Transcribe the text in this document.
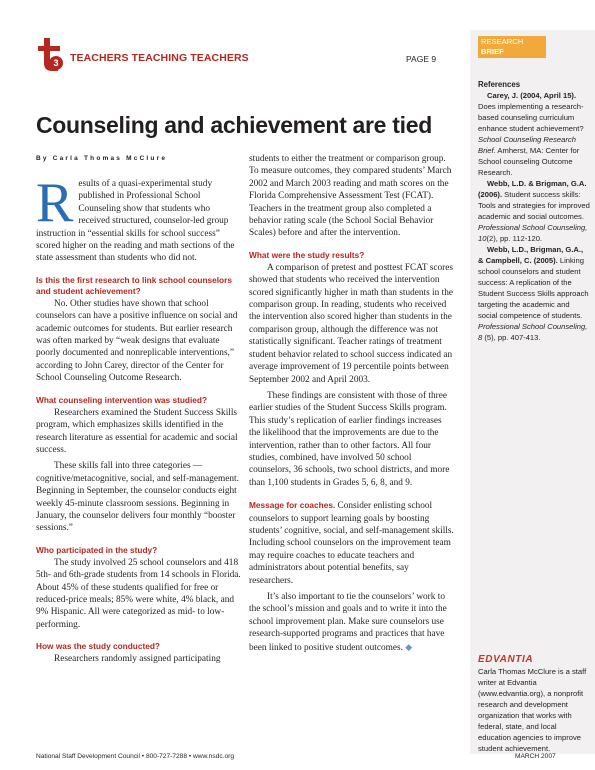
3 TEACHERS TEACHING TEACHERS	PAGE 9
Counseling and achievement are tied
By Carla Thomas McClure

Results of a quasi-experimental study published in Professional School Counseling show that students who received structured, counselor-led group instruction in “essential skills for school success” scored higher on the reading and math sections of the state assessment than students who did not.

Is this the first research to link school counselors and student achievement?

No. Other studies have shown that school counselors can have a positive influence on social and academic outcomes for students. But earlier research was often marked by “weak designs that evaluate poorly documented and nonreplicable interventions,” according to John Carey, director of the Center for School Counseling Outcome Research.

What counseling intervention was studied?

Researchers examined the Student Success Skills program, which emphasizes skills identified in the research literature as essential for academic and social success.

These skills fall into three categories — cognitive/metacognitive, social, and self-management. Beginning in September, the counselor conducts eight weekly 45-minute classroom sessions. Beginning in January, the counselor delivers four monthly “booster sessions.”

Who participated in the study?

The study involved 25 school counselors and 418 5th- and 6th-grade students from 14 schools in Florida. About 45% of these students qualified for free or reduced-price meals; 85% were white, 4% black, and 9% Hispanic. All were categorized as mid- to low-performing.

How was the study conducted?

Researchers randomly assigned participating

students to either the treatment or comparison group. To measure outcomes, they compared students’ March 2002 and March 2003 reading and math scores on the Florida Comprehensive Assessment Test (FCAT). Teachers in the treatment group also completed a behavior rating scale (the School Social Behavior Scales) before and after the intervention.

What were the study results?

A comparison of pretest and posttest FCAT scores showed that students who received the intervention scored significantly higher in math than students in the comparison group. In reading, students who received the intervention also scored higher than students in the comparison group, although the difference was not statistically significant. Teacher ratings of treatment student behavior related to school success indicated an average improvement of 19 percentile points between September 2002 and April 2003.

These findings are consistent with those of three earlier studies of the Student Success Skills program. This study’s replication of earlier findings increases the likelihood that the improvements are due to the intervention, rather than to other factors. All four studies, combined, have involved 50 school counselors, 36 schools, two school districts, and more than 1,100 students in Grades 5, 6, 8, and 9.

Message for coaches. Consider enlisting school counselors to support learning goals by boosting students’ cognitive, social, and self-management skills. Including school counselors on the improvement team may require coaches to educate teachers and administrators about potential benefits, say researchers.

It’s also important to tie the counselors’ work to the school’s mission and goals and to write it into the school improvement plan. Make sure counselors use research-supported programs and practices that have been linked to positive student outcomes. ◆

RESEARCH
BRIEF
References

Carey, J. (2004, April 15). Does implementing a research-based counseling curriculum enhance student achievement? School Counseling Research Brief. Amherst, MA: Center for School counseling Outcome Research.

Webb, L.D. & Brigman, G.A. (2006). Student success skills: Tools and strategies for improved academic and social outcomes. Professional School Counseling, 10(2), pp. 112-120.

Webb, L.D., Brigman, G.A., & Campbell, C. (2005). Linking school counselors and student success: A replication of the Student Success Skills approach targeting the academic and social competence of students. Professional School Counseling, 8 (5), pp. 407-413.

EDVANTIA
Carla Thomas McClure is a staff writer at Edvantia (www.edvantia.org), a nonprofit research and development organization that works with federal, state, and local education agencies to improve student achievement.
National Staff Development Council • 800-727-7288 • www.nsdc.org	MARCH 2007
